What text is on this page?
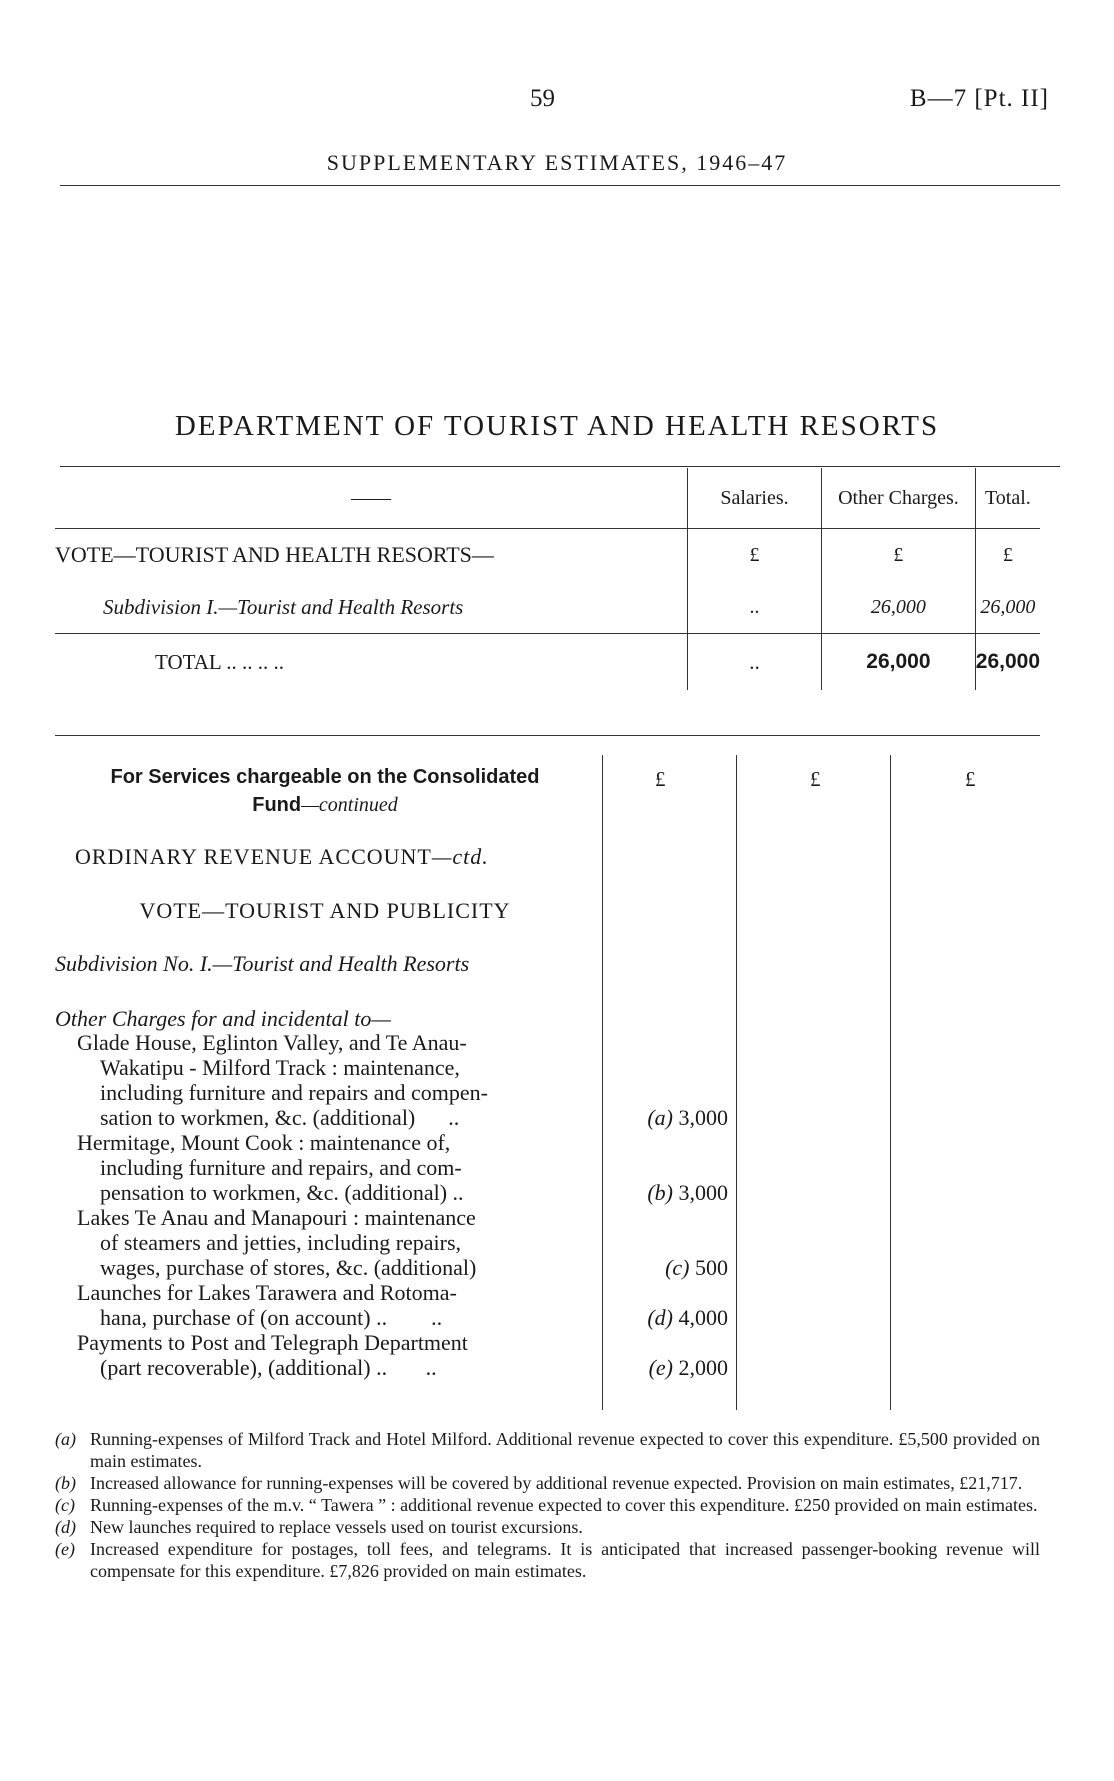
59	B—7 [Pt. II]
SUPPLEMENTARY ESTIMATES, 1946–47
DEPARTMENT OF TOURIST AND HEALTH RESORTS
——	Salaries.	Other Charges.	Total.
VOTE—TOURIST AND HEALTH RESORTS—	£	£	£
Subdivision I.—Tourist and Health Resorts	..	26,000	26,000
TOTAL .. .. .. ..	..	26,000	26,000
£	£	£
For Services chargeable on the Consolidated
Fund—continued
ORDINARY REVENUE ACCOUNT—ctd.
VOTE—TOURIST AND PUBLICITY
Subdivision No. I.—Tourist and Health Resorts
Other Charges for and incidental to—
Glade House, Eglinton Valley, and Te Anau-
Wakatipu - Milford Track : maintenance,
including furniture and repairs and compen-
sation to workmen, &c. (additional)      ..	(a) 3,000
Hermitage, Mount Cook : maintenance of,
including furniture and repairs, and com-
pensation to workmen, &c. (additional) ..	(b) 3,000
Lakes Te Anau and Manapouri : maintenance
of steamers and jetties, including repairs,
wages, purchase of stores, &c. (additional)	(c) 500
Launches for Lakes Tarawera and Rotoma-
hana, purchase of (on account) ..        ..	(d) 4,000
Payments to Post and Telegraph Department
(part recoverable), (additional) ..       ..	(e) 2,000
(a) Running-expenses of Milford Track and Hotel Milford. Additional revenue expected to cover this expenditure. £5,500 provided on main estimates.
(b) Increased allowance for running-expenses will be covered by additional revenue expected. Provision on main estimates, £21,717.
(c) Running-expenses of the m.v. “ Tawera ” : additional revenue expected to cover this expenditure. £250 provided on main estimates.
(d) New launches required to replace vessels used on tourist excursions.
(e) Increased expenditure for postages, toll fees, and telegrams. It is anticipated that increased passenger-booking revenue will compensate for this expenditure. £7,826 provided on main estimates.
